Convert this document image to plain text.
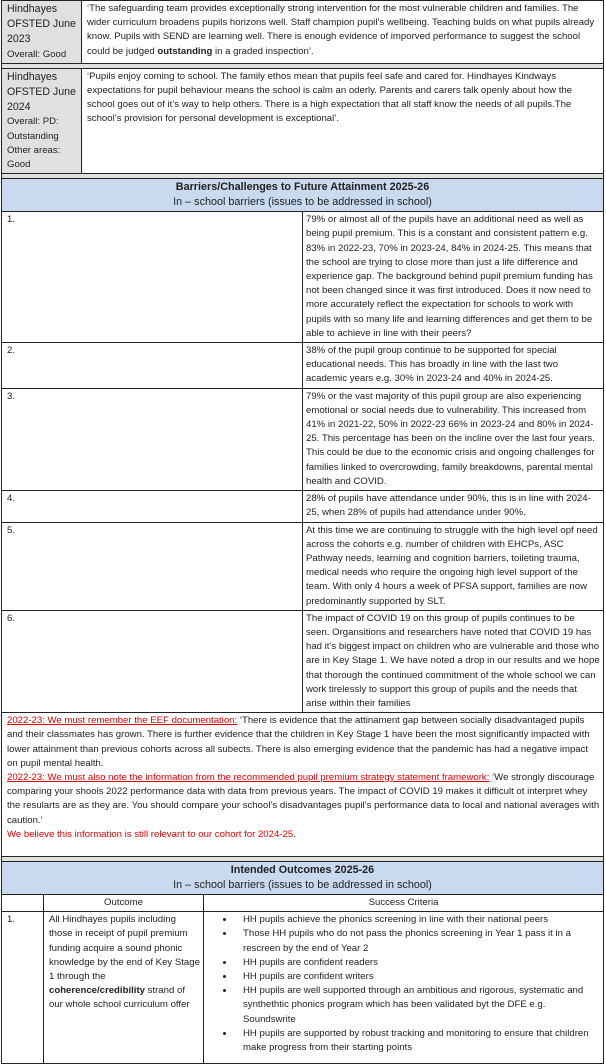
Hindhayes
OFSTED June
2023
Overall: Good
	‘The safeguarding team provides exceptionally strong intervention for the most vulnerable children and families. The wider curriculum broadens pupils horizons well. Staff champion pupil’s wellbeing. Teaching bulds on what pupils already know. Pupils with SEND are learning well. There is enough evidence of imporved performance to suggest the school could be judged outstanding in a graded inspection’.

Hindhayes
OFSTED June
2024
Overall: PD:
Outstanding
Other areas:
Good
	‘Pupils enjoy coming to school. The family ethos mean that pupils feel safe and cared for. Hindhayes Kindways expectations for pupil behaviour means the school is calm an oderly. Parents and carers talk openly about how the school goes out of it’s way to help others. There is a high expectation that all staff know the needs of all pupils.The school’s provision for personal development is exceptional’.

Barriers/Challenges to Future Attainment 2025-26
In – school barriers (issues to be addressed in school)	

1.	79% or almost all of the pupils have an additional need as well as being pupil premium. This is a constant and consistent pattern e.g. 83% in 2022-23, 70% in 2023-24, 84% in 2024-25. This means that the school are trying to close more than just a life difference and experience gap. The background behind pupil premium funding has not been changed since it was first introduced. Does it now need to more accurately reflect the expectation for schools to work with pupils with so many life and learning differences and get them to be able to achieve in line with their peers?
2.	38% of the pupil group continue to be supported for special educational needs. This has broadly in line with the last two academic years e.g. 30% in 2023-24 and 40% in 2024-25.
3.	79% or the vast majority of this pupil group are also experiencing emotional or social needs due to vulnerability. This increased from 41% in 2021-22, 50% in 2022-23 66% in 2023-24 and 80% in 2024-25. This percentage has been on the incline over the last four years. This could be due to the economic crisis and ongoing challenges for families linked to overcrowding, family breakdowns, parental mental health and COVID.
4.	28% of pupils have attendance under 90%, this is in line with 2024-25, when 28% of pupils had attendance under 90%.
5.	At this time we are continuing to struggle with the high level opf need across the cohorts e.g. number of children with EHCPs, ASC Pathway needs, learning and cognition barriers, toileting trauma, medical needs who require the ongoing high level support of the team. With only 4 hours a week of PFSA support, families are now predominantly supported by SLT.
6.	The impact of COVID 19 on this group of pupils continues to be seen. Organsitions and researchers have noted that COVID 19 has had it’s biggest impact on children who are vulnerable and those who are in Key Stage 1. We have noted a drop in our results and we hope that thorough the continued commitment of the whole school we can work tirelessly to support this group of pupils and the needs that arise within their families

2022-23: We must remember the EEF documentation: ‘There is evidence that the attinament gap between socially disadvantaged pupils and their classmates has grown. There is further evidence that the children in Key Stage 1 have been the most significantly impacted with lower attainment than previous cohorts across all subects. There is also emerging evidence that the pandemic has had a negative impact on pupil mental health.
2022-23: We must also note the information from the recommended pupil premium strategy statement framework: ‘We strongly discourage comparing your shools 2022 performance data with data from previous years. The impact of COVID 19 makes it difficult ot interpret whey the resularts are as they are. You should compare your school’s disadvantages pupil’s performance data to local and national averages with caution.’
We believe this information is still relevant to our cohort for 2024-25.	

Intended Outcomes 2025-26
In – school barriers (issues to be addressed in school)		

	Outcome	Success Criteria
1.	All Hindhayes pupils including those in receipt of pupil premium funding acquire a sound phonic knowledge by the end of Key Stage 1 through the coherence/credibility strand of our whole school curriculum offer	
• HH pupils achieve the phonics screening in line with their national peers
• Those HH pupils who do not pass the phonics screening in Year 1 pass it in a rescreen by the end of Year 2
• HH pupils are confident readers
• HH pupils are confident writers
• HH pupils are well supported through an ambitious and rigorous, systematic and synthethtic phonics program which has been validated byt the DFE e.g. Soundswrite
• HH pupils are supported by robust tracking and monitoring to ensure that children make progress from their starting points
